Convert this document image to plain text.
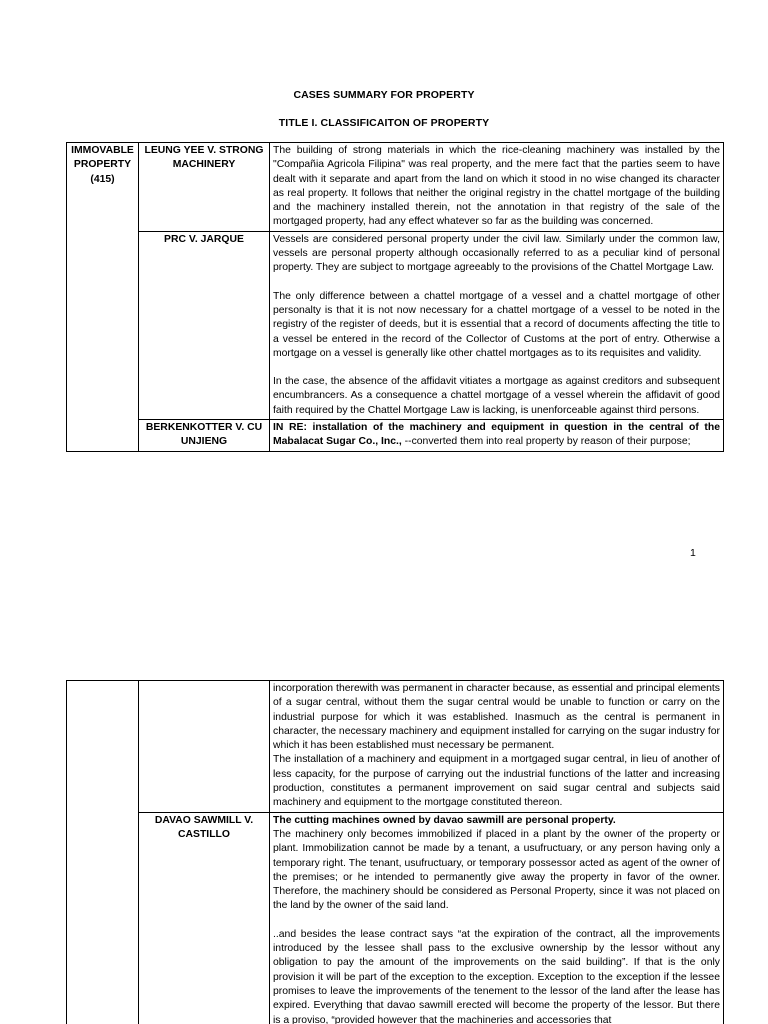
CASES SUMMARY FOR PROPERTY
TITLE I. CLASSIFICAITON OF PROPERTY
IMMOVABLE PROPERTY (415)	LEUNG YEE V. STRONG MACHINERY	The building of strong materials in which the rice-cleaning machinery was installed by the "Compañia Agricola Filipina" was real property, and the mere fact that the parties seem to have dealt with it separate and apart from the land on which it stood in no wise changed its character as real property. It follows that neither the original registry in the chattel mortgage of the building and the machinery installed therein, not the annotation in that registry of the sale of the mortgaged property, had any effect whatever so far as the building was concerned.

	PRC V. JARQUE	Vessels are considered personal property under the civil law. Similarly under the common law, vessels are personal property although occasionally referred to as a peculiar kind of personal property. They are subject to mortgage agreeably to the provisions of the Chattel Mortgage Law.

The only difference between a chattel mortgage of a vessel and a chattel mortgage of other personalty is that it is not now necessary for a chattel mortgage of a vessel to be noted in the registry of the register of deeds, but it is essential that a record of documents affecting the title to a vessel be entered in the record of the Collector of Customs at the port of entry. Otherwise a mortgage on a vessel is generally like other chattel mortgages as to its requisites and validity.

In the case, the absence of the affidavit vitiates a mortgage as against creditors and subsequent encumbrancers. As a consequence a chattel mortgage of a vessel wherein the affidavit of good faith required by the Chattel Mortgage Law is lacking, is unenforceable against third persons.

	BERKENKOTTER V. CU UNJIENG	IN RE: installation of the machinery and equipment in question in the central of the Mabalacat Sugar Co., Inc., --converted them into real property by reason of their purpose;

1

		incorporation therewith was permanent in character because, as essential and principal elements of a sugar central, without them the sugar central would be unable to function or carry on the industrial purpose for which it was established. Inasmuch as the central is permanent in character, the necessary machinery and equipment installed for carrying on the sugar industry for which it has been established must necessary be permanent.

The installation of a machinery and equipment in a mortgaged sugar central, in lieu of another of less capacity, for the purpose of carrying out the industrial functions of the latter and increasing production, constitutes a permanent improvement on said sugar central and subjects said machinery and equipment to the mortgage constituted thereon.

	DAVAO SAWMILL V. CASTILLO	The cutting machines owned by davao sawmill are personal property.

The machinery only becomes immobilized if placed in a plant by the owner of the property or plant. Immobilization cannot be made by a tenant, a usufructuary, or any person having only a temporary right. The tenant, usufructuary, or temporary possessor acted as agent of the owner of the premises; or he intended to permanently give away the property in favor of the owner. Therefore, the machinery should be considered as Personal Property, since it was not placed on the land by the owner of the said land.

..and besides the lease contract says “at the expiration of the contract, all the improvements introduced by the lessee shall pass to the exclusive ownership by the lessor without any obligation to pay the amount of the improvements on the said building”. If that is the only provision it will be part of the exception to the exception. Exception to the exception if the lessee promises to leave the improvements of the tenement to the lessor of the land after the lease has expired. Everything that davao sawmill erected will become the property of the lessor. But there is a proviso, “provided however that the machineries and accessories that
